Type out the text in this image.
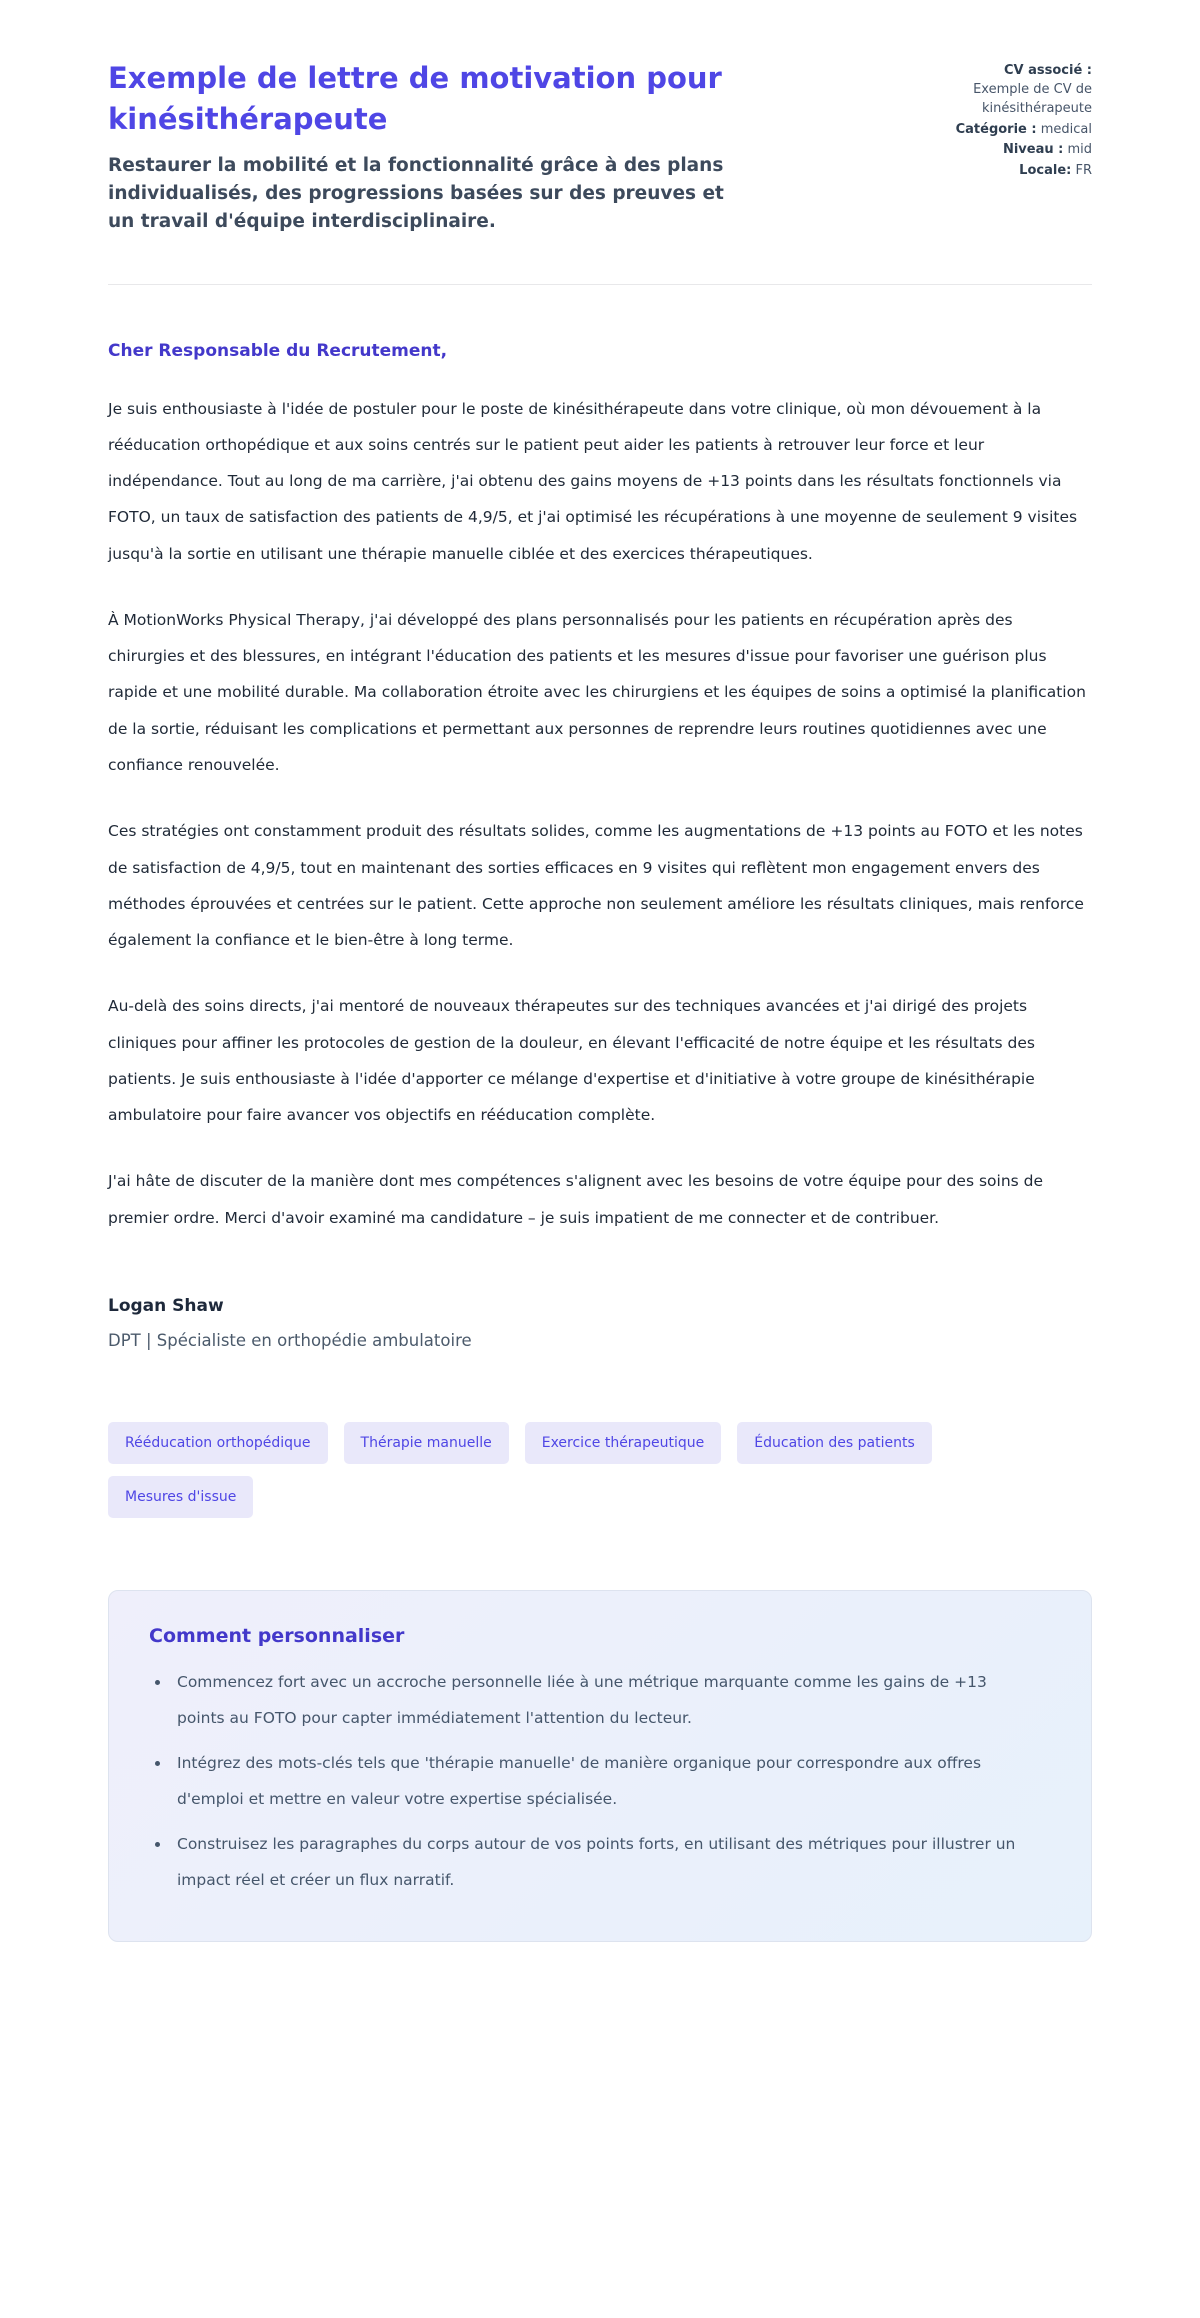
Exemple de lettre de motivation pour kinésithérapeute

Restaurer la mobilité et la fonctionnalité grâce à des plans individualisés, des progressions basées sur des preuves et un travail d'équipe interdisciplinaire.

CV associé : Exemple de CV de kinésithérapeute
Catégorie : medical
Niveau : mid
Locale: FR

Cher Responsable du Recrutement,

Je suis enthousiaste à l'idée de postuler pour le poste de kinésithérapeute dans votre clinique, où mon dévouement à la rééducation orthopédique et aux soins centrés sur le patient peut aider les patients à retrouver leur force et leur indépendance. Tout au long de ma carrière, j'ai obtenu des gains moyens de +13 points dans les résultats fonctionnels via FOTO, un taux de satisfaction des patients de 4,9/5, et j'ai optimisé les récupérations à une moyenne de seulement 9 visites jusqu'à la sortie en utilisant une thérapie manuelle ciblée et des exercices thérapeutiques.

À MotionWorks Physical Therapy, j'ai développé des plans personnalisés pour les patients en récupération après des chirurgies et des blessures, en intégrant l'éducation des patients et les mesures d'issue pour favoriser une guérison plus rapide et une mobilité durable. Ma collaboration étroite avec les chirurgiens et les équipes de soins a optimisé la planification de la sortie, réduisant les complications et permettant aux personnes de reprendre leurs routines quotidiennes avec une confiance renouvelée.

Ces stratégies ont constamment produit des résultats solides, comme les augmentations de +13 points au FOTO et les notes de satisfaction de 4,9/5, tout en maintenant des sorties efficaces en 9 visites qui reflètent mon engagement envers des méthodes éprouvées et centrées sur le patient. Cette approche non seulement améliore les résultats cliniques, mais renforce également la confiance et le bien-être à long terme.

Au-delà des soins directs, j'ai mentoré de nouveaux thérapeutes sur des techniques avancées et j'ai dirigé des projets cliniques pour affiner les protocoles de gestion de la douleur, en élevant l'efficacité de notre équipe et les résultats des patients. Je suis enthousiaste à l'idée d'apporter ce mélange d'expertise et d'initiative à votre groupe de kinésithérapie ambulatoire pour faire avancer vos objectifs en rééducation complète.

J'ai hâte de discuter de la manière dont mes compétences s'alignent avec les besoins de votre équipe pour des soins de premier ordre. Merci d'avoir examiné ma candidature – je suis impatient de me connecter et de contribuer.

Logan Shaw

DPT | Spécialiste en orthopédie ambulatoire

Rééducation orthopédique	Thérapie manuelle	Exercice thérapeutique	Éducation des patients
Mesures d'issue
Comment personnaliser
• Commencez fort avec un accroche personnelle liée à une métrique marquante comme les gains de +13 points au FOTO pour capter immédiatement l'attention du lecteur.
• Intégrez des mots-clés tels que 'thérapie manuelle' de manière organique pour correspondre aux offres d'emploi et mettre en valeur votre expertise spécialisée.
• Construisez les paragraphes du corps autour de vos points forts, en utilisant des métriques pour illustrer un impact réel et créer un flux narratif.
